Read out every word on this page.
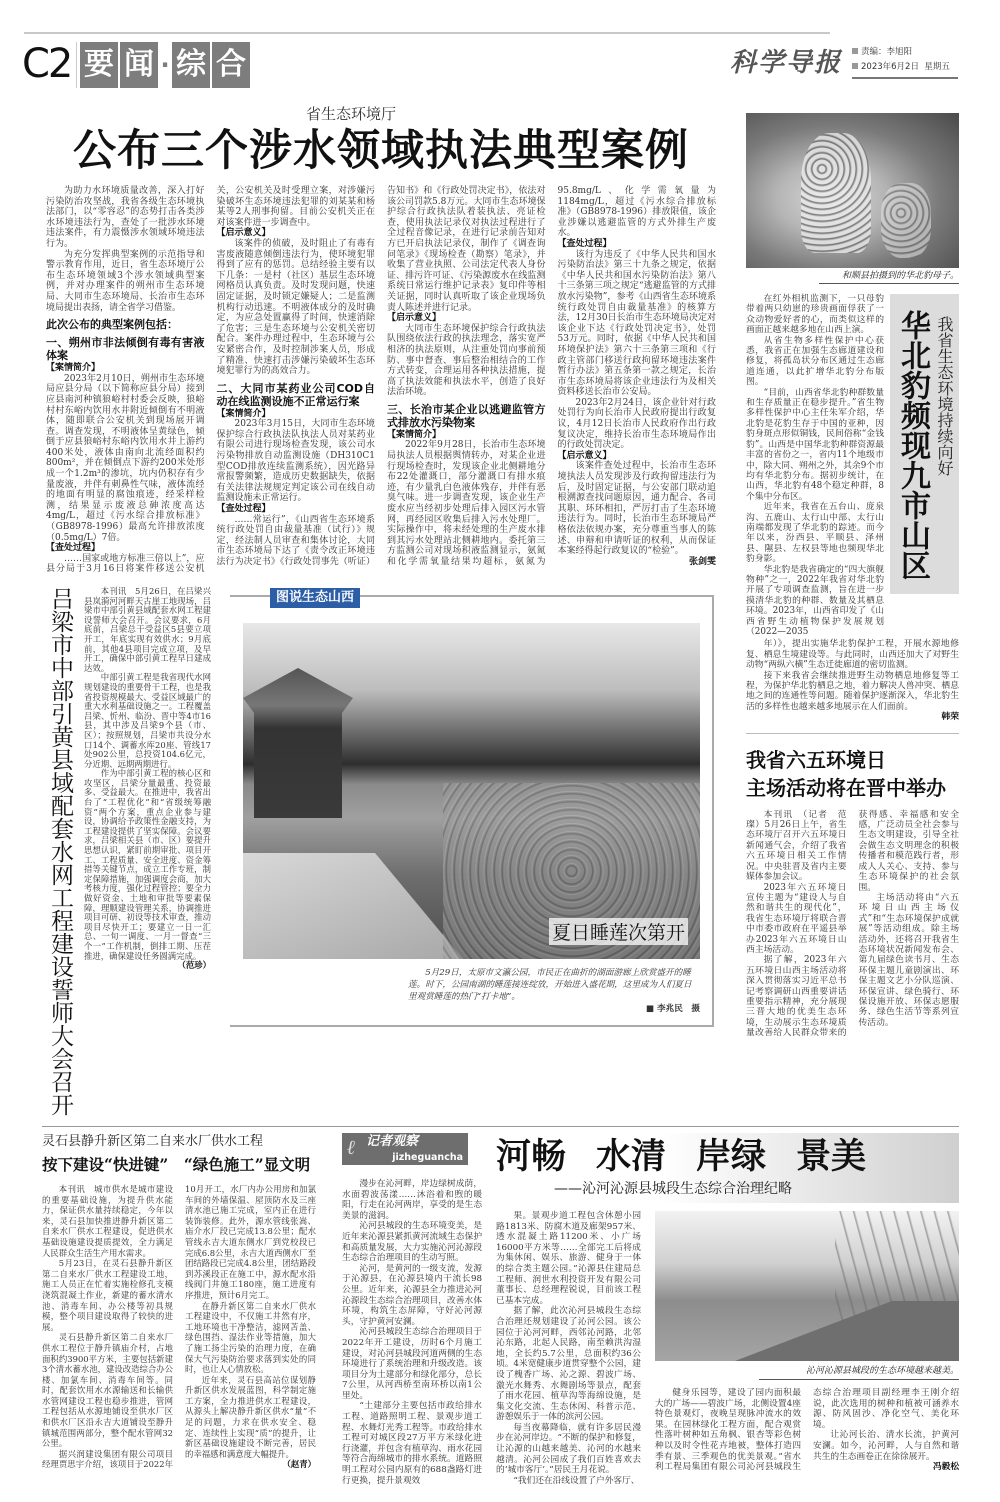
C2 要 闻 · 综 合	科学导报	责编：李旭阳
2023年6月2日 星期五
省生态环境厅
公布三个涉水领域执法典型案例

为助力水环境质量改善，深入打好污染防治攻坚战，我省各级生态环境执法部门，以“零容忍”的态势打击各类涉水环境违法行为，查处了一批涉水环境违法案件，有力震慑涉水领域环境违法行为。

为充分发挥典型案例的示范指导和警示教育作用，近日，省生态环境厅公布生态环境领域3个涉水领域典型案例，并对办理案件的朔州市生态环境局、大同市生态环境局、长治市生态环境局提出表扬，请全省学习借鉴。

此次公布的典型案例包括：

一、朔州市非法倾倒有毒有害液体案

【案情简介】

2023年2月10日，朔州市生态环境局应县分局（以下简称应县分局）接到应县南河种镇狼峪村村委会反映，狼峪村村东峪内饮用水井附近倾倒有不明液体，随即联合公安机关到现场展开调查。调查发现，不明液体呈黄绿色，倾倒于应县狼峪村东峪内饮用水井上游约400米处，液体由南向北流经面积约800m²，并在倾倒点下游约200米处形成一个1.2m³的渗坑，坑内仍积存有少量废液，并伴有刺鼻性气味，液体流经的地面有明显的腐蚀痕迹，经采样检测，结果显示废液总砷浓度高达4mg/L，超过《污水综合排放标准》（GB8978-1996）最高允许排放浓度（0.5mg/L）7倍。

【查处过程】

……国家或地方标准三倍以上”，应县分局于3月16日将案件移送公安机关，公安机关及时受理立案，对涉嫌污染破坏生态环境违法犯罪的刘某某和杨某等2人刑事拘留。目前公安机关正在对该案件进一步调查中。

【启示意义】

该案件的侦破，及时阻止了有毒有害废液随意倾倒违法行为，使环境犯罪得到了应有的惩罚。总结经验主要有以下几条：一是村（社区）基层生态环境网格员认真负责。及时发现问题，快速固定证据，及时锁定嫌疑人；二是监测机构行动迅速。不明液体成分的及时确定，为应急处置赢得了时间，快速消除了危害；三是生态环境与公安机关密切配合。案件办理过程中，生态环境与公安紧密合作，及时控制涉案人员，形成了精准、快速打击涉嫌污染破坏生态环境犯罪行为的高效合力。

二、大同市某药业公司COD自动在线监测设施不正常运行案

【案情简介】

2023年3月15日，大同市生态环境保护综合行政执法队执法人员对某药业有限公司进行现场检查发现，该公司水污染物排放自动监测设施（DH310C1型COD排放连续监测系统），因光路异常报警频繁，造成历史数据缺失，依据有关法律法规规定判定该公司在线自动监测设施未正常运行。

【查处过程】

……常运行”，《山西省生态环境系统行政处罚自由裁量基准（试行）》规定，经法制人员审查和集体讨论，大同市生态环境局下达了《责令改正环境违法行为决定书》《行政处罚事先（听证）告知书》和《行政处罚决定书》，依法对该公司罚款5.8万元。大同市生态环境保护综合行政执法队着装执法、亮证检查，使用执法记录仪对执法过程进行了全过程音像记录，在进行记录前告知对方已开启执法记录仪，制作了《调查询问笔录》《现场检查（勘察）笔录》，并收集了营业执照、公司法定代表人身份证、排污许可证、《污染源废水在线监测系统日常运行维护记录表》复印件等相关证据，同时认真听取了该企业现场负责人陈述并进行记录。

【启示意义】

大同市生态环境保护综合行政执法队围绕依法行政的执法理念，落实宽严相济的执法原则，从注重处罚向事前预防、事中督查、事后整治相结合的工作方式转变，合理运用各种执法措施，提高了执法效能和执法水平，创造了良好法治环境。

三、长治市某企业以逃避监管方式排放水污染物案

【案情简介】

2022年9月28日，长治市生态环境局执法人员根据舆情转办，对某企业进行现场检查时，发现该企业北侧耕地分布22处灌溉口，部分灌溉口有排水痕迹，有少量乳白色液体残存，并伴有恶臭气味。进一步调查发现，该企业生产废水应当经初步处理后排入园区污水管网，再经园区收集后排入污水处理厂。实际操作中，将未经处理的生产废水排到其污水处理站北侧耕地内。委托第三方监测公司对现场积液监测显示，氨氮和化学需氧量结果均超标，氨氮为95.8mg/L、化学需氧量为1184mg/L，超过《污水综合排放标准》（GB8978-1996）排放限值，该企业涉嫌以逃避监管的方式外排生产废水。

【查处过程】

该行为违反了《中华人民共和国水污染防治法》第三十九条之规定，依据《中华人民共和国水污染防治法》第八十三条第三项之规定“逃避监管的方式排放水污染物”，参考《山西省生态环境系统行政处罚自由裁量基准》的核算方法，12月30日长治市生态环境局决定对该企业下达《行政处罚决定书》，处罚53万元。同时，依据《中华人民共和国环境保护法》第六十三条第三项和《行政主管部门移送行政拘留环境违法案件暂行办法》第五条第一款之规定，长治市生态环境局将该企业违法行为及相关资料移送长治市公安局。

2023年2月24日，该企业针对行政处罚行为向长治市人民政府提出行政复议，4月12日长治市人民政府作出行政复议决定，维持长治市生态环境局作出的行政处罚决定。

【启示意义】

该案件查处过程中，长治市生态环境执法人员发现涉及行政拘留违法行为后，及时固定证据，与公安部门联动追根溯源查找问题原因，通力配合、各司其职、环环相扣，严厉打击了生态环境违法行为。同时，长治市生态环境局严格依法依规办案，充分尊重当事人的陈述、申辩和申请听证的权利，从而保证本案经得起行政复议的“检验”。

张剑雯

吕梁市中部引黄县域配套水网工程建设誓师大会召开	本刊讯　5月26日，在吕梁兴县岚漪河河畔天古崖工地现场，吕梁市中部引黄县域配套水网工程建设誓师大会召开。会议要求，6月底前，吕梁总干受益区5县要立项开工，年底实现有效供水；9月底前，其他4县项目完成立项，及早开工，确保中部引黄工程早日建成达效。

中部引黄工程是我省现代水网规划建设的重要骨干工程，也是我省投资规模最大、受益区域最广的重大水利基础设施之一。工程覆盖吕梁、忻州、临汾、晋中等4市16县，其中涉及吕梁9个县（市、区）；按照规划，吕梁市共设分水口14个、调蓄水库20座、管线17处902公里，总投资104.6亿元，分近期、远期两期进行。

作为中部引黄工程的核心区和攻坚区，吕梁分量最重、投资最多、受益最大。在推进中，我省出台了“工程优化”和“省级统筹融资”两个方案，重点企业参与建设，协调给予政策性金融支持，为工程建设提供了坚实保障。会议要求，吕梁相关县（市、区）要提升思想认识，紧盯前期审批、项目开工、工程质量、安全进度、资金筹措等关键节点，成立工作专班，制定保障措施，加强调度会商，加大考核力度，强化过程管控；要全力做好资金、土地和审批等要素保障，理顺建设管理关系，协调推进项目可研、初设等技术审查，推动项目尽快开工；要建立一日一汇总、一旬一调度、一月一督查“三个一”工作机制，倒排工期、压茬推进，确保建设任务圆满完成。

（范珍）

图说生态山西
夏日睡莲次第开
5月29日，太原市文瀛公园，市民正在曲折的湖面游廊上欣赏盛开的睡莲。时下，公园南湖的睡莲接连绽放，开始进入盛花期，这里成为人们夏日里观赏睡莲的热门“打卡地”。
■ 李兆民　摄
和顺县拍摄到的华北豹母子。

在红外相机监测下，一只母豹带着两只幼崽的珍贵画面俘获了一众动物爱好者的心，而类似这样的画面正越来越多地在山西上演。

从省生物多样性保护中心获悉，我省正在加强生态廊道建设和修复，将孤岛状分布区通过生态廊道连通，以此扩增华北豹分布版图。

“目前，山西省华北豹种群数量和生存质量正在稳步提升。”省生物多样性保护中心主任朱军介绍，华北豹是花豹生存于中国的亚种，因豹身斑点形似铜钱，民间俗称“金钱豹”。山西是中国华北豹种群资源最丰富的省份之一，省内11个地级市中，除大同、朔州之外，其余9个市均有华北豹分布。据初步统计，在山西，华北豹有48个稳定种群，8个集中分布区。

近年来，我省在五台山、庞泉沟、五鹿山、太行山中部、太行山南端都发现了华北豹的踪迹。而今年以来，汾西县、平顺县、泽州县、隰县、左权县等地也频现华北豹身影。

华北豹是我省确定的“四大旗舰物种”之一，2022年我省对华北豹开展了专项调查监测，旨在进一步摸清华北豹的种群、数量及其栖息环境。2023年，山西省印发了《山西省野生动植物保护发展规划（2022—2035

我省生态环境持续向好
华北豹频现九市山区

年）》，提出实施华北豹保护工程，开展水源地修复、栖息生境建设等。与此同时，山西还加大了对野生动物“两纵六横”生态迁徙廊道的密切监测。

接下来我省会继续推进野生动物栖息地修复等工程，为保护华北豹栖息之地，着力解决人兽冲突、栖息地之间的连通性等问题。随着保护逐渐深入，华北豹生活的多样性也越来越多地展示在人们面前。

韩荣

我省六五环境日
主场活动将在晋中举办

本刊讯　（记者　范璨）5月26日上午，省生态环境厅召开六五环境日新闻通气会，介绍了我省六五环境日相关工作情况。中央驻晋及省内主要媒体参加会议。

2023年六五环境日宣传主题为“建设人与自然和谐共生的现代化”，我省生态环境厅将联合晋中市委市政府在平遥县举办2023年六五环境日山西主场活动。

据了解，2023年六五环境日山西主场活动将深入贯彻落实习近平总书记考察调研山西重要讲话重要指示精神，充分展现三晋大地的优美生态环境，生动展示生态环境质量改善给人民群众带来的获得感、幸福感和安全感，广泛动员全社会参与生态文明建设，引导全社会做生态文明理念的积极传播者和模范践行者，形成人人关心、支持、参与生态环境保护的社会氛围。

主场活动将由“六五环境日山西主场仪式”和“生态环境保护成就展”等活动组成。除主场活动外，还将召开我省生态环境状况新闻发布会、第九届绿色读书月、生态环保主题儿童剧演出、环保主题文艺小分队巡演、环保宣讲、绿色骑行、环保设施开放、环保志愿服务、绿色生活节等系列宣传活动。

灵石县静升新区第二自来水厂供水工程
按下建设“快进键”　“绿色施工”显文明

本刊讯　城市供水是城市建设的重要基础设施，为提升供水能力，保证供水量持续稳定，今年以来，灵石县加快推进静升新区第二自来水厂供水工程建设，促进供水基础设施建设提质提效，全力满足人民群众生活生产用水需求。

5月23日，在灵石县静升新区第二自来水厂供水工程建设工地，施工人员正在忙着实施栓修孔支模浇筑混凝土作业，新建的蓄水清水池、消毒车间、办公楼等初具规模，整个项目建设取得了较快的进展。

灵石县静升新区第二自来水厂供水工程位于静升镇庙介村，占地面积约3900平方米，主要包括新建3个清水蓄水池，建设改造综合办公楼、加氯车间、消毒车间等。同时，配套饮用水水源输送和长输供水管网建设工程也稳步推进，管网工程包括从水源地铺设至供水厂区和供水厂区沿永吉大道铺设至静升镇城范围两部分，整个配水管网32公里。

据兴润建设集团有限公司项目经理贾思宇介绍，该项目于2022年10月开工，水厂内办公用房和加氯车间的外墙保温、屋顶防水及三座清水池已施工完成，室内正在进行装饰装修。此外，源水管线张嵩、庙介水厂段已完成13.8公里；配水管线永吉大道东侧水厂到党校段已完成6.8公里，永吉大道西侧水厂至团结路段已完成4.8公里，团结路段到苏溪段正在施工中，源水配水沿线阀门井施工180座，施工进度有序推进，预计6月完工。

在静升新区第二自来水厂供水工程建设中，不仅施工井然有序，工地环境也干净整洁，滤网苫盖、绿色围挡、湿法作业等措施，加大了施工扬尘污染的治理力度，在确保大气污染防治要求落到实处的同时，也让人心情放松。

近年来，灵石县高站位谋划静升新区供水发展蓝图，科学制定施工方案，全力推进供水工程建设，从源头上解决静升新区供水“量”不足的问题，力求在供水安全、稳定、连续性上实现“质”的提升，让新区基础设施建设不断完善，居民的幸福感和满意度大幅提升。

（赵青）

ℓ 记者观察
jizheguancha

漫步在沁河畔，岸边绿树成荫，水面碧波荡漾……沐浴着和煦的暖阳，行走在沁河两岸，享受的是生态美景的滋润。

沁河县城段的生态环境变美，是近年来沁源县紧抓黄河流域生态保护和高质量发展，大力实施沁河沁源段生态综合治理项目的生动写照。

沁河，是黄河的一级支流，发源于沁源县，在沁源县境内干流长98公里。近年来，沁源县全力推进沁河沁源段生态综合治理项目，改善水体环境，构筑生态屏障，守好沁河源头，守护黄河安澜。

沁河县城段生态综合治理项目于2022年开工建设，历时6个月施工建设，对沁河县城段河道两侧的生态环境进行了系统治理和升级改造。该项目分为土建部分和绿化部分，总长7公里，从河西桥至南环桥以南1公里处。

“土建部分主要包括市政给排水工程、道路照明工程、景观步道工程、水舞灯光秀工程等。市政给排水工程可对城区段27万平方米绿化进行浇灌，并包含有植草沟、雨水花园等符合海绵城市的排水系统。道路照明工程对公园内原有的688盏路灯进行更换，提升景观效

河畅 水清 岸绿 景美
——沁河沁源县城段生态综合治理纪略

果。景观步道工程包含休憩小园路1813米、防腐木道及廊架957米、透水混凝土路11200米、小广场16000平方米等……全部完工后将成为集休闲、娱乐、旅游、健身于一体的综合类主题公园。”沁源县住建局总工程师、润世水利投资开发有限公司董事长、总经理程锐说，目前该工程已基本完成。

据了解，此次沁河县城段生态综合治理还规划建设了沁河公园。该公园位于沁河河畔，西邻沁河路，北邻沁东路，北起人民路，南至赖洪沟湿地，全长约5.7公里，总面积约36公顷。4米宽健康步道贯穿整个公园，建设了槐香广场、沁之源、碧波广场、激光水舞秀、水舞剧场等景点，配套了雨水花园、植草沟等海绵设施，是集文化交流、生态休闲、科普示范、游憩娱乐于一体的滨河公园。

每当夜幕降临，就有许多居民漫步在沁河岸边。“不断的保护和修复，让沁源的山越来越美、沁河的水越来越清。沁河公园成了我们百姓喜欢去的‘城市客厅’。”居民王月花说。

“我们还在沿线设置了户外客厅、

沁河沁源县城段的生态环境越来越美。

健身乐园等，建设了园内面积最大的广场——碧波广场，北侧设置4座特色景观灯，夜晚呈现脉冲流水的效果。在园林绿化工程方面，配合观赏性落叶树种如五角枫、银杏等彩色树种以及时令性花卉地被，整体打造四季有景、三季观色的优美景观。”省水利工程局集团有限公司沁河县城段生态综合治理项目副经理李王刚介绍说，此次选用的树种和植被可涵养水源、防风固沙、净化空气、美化环境。

让沁河长治、清水长流，护黄河安澜。如今，沁河畔，人与自然和谐共生的生态画卷正在徐徐展开。

冯毅松
